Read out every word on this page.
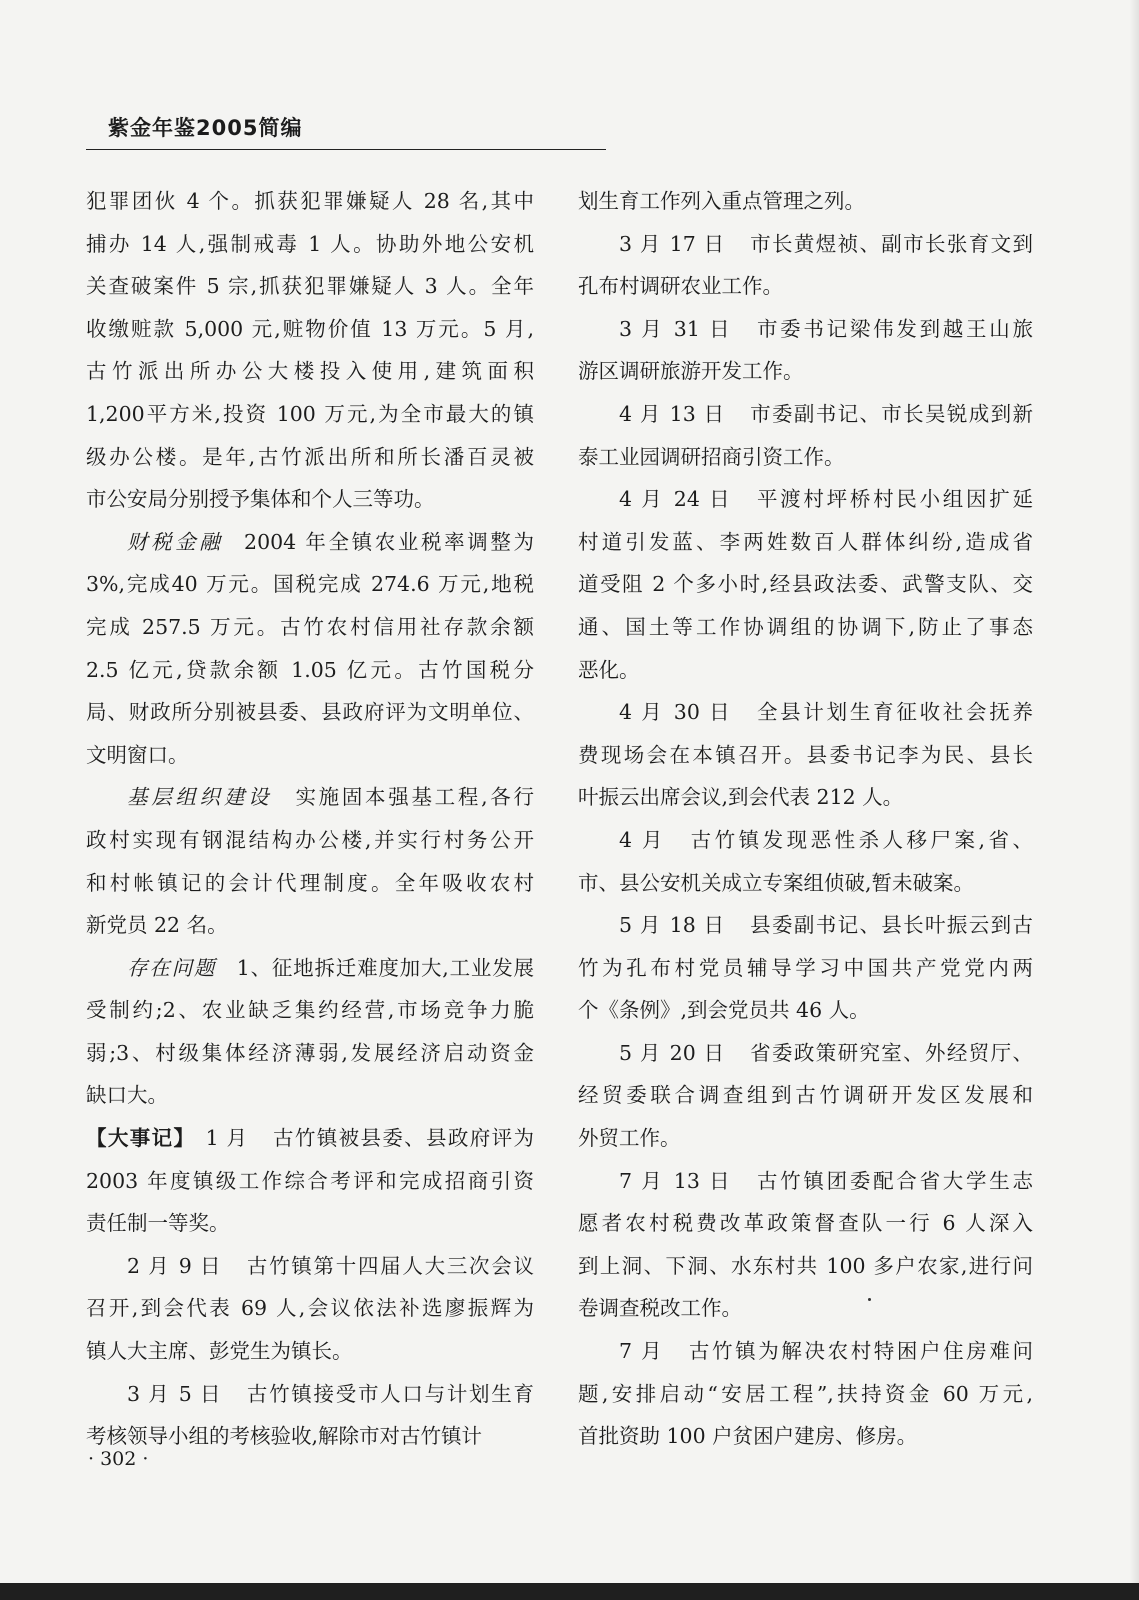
紫金年鉴2005简编
犯罪团伙 4 个。抓获犯罪嫌疑人 28 名,其中
捕办 14 人,强制戒毒 1 人。协助外地公安机
关查破案件 5 宗,抓获犯罪嫌疑人 3 人。全年
收缴赃款 5,000 元,赃物价值 13 万元。5 月,
古竹派出所办公大楼投入使用,建筑面积
1,200平方米,投资 100 万元,为全市最大的镇
级办公楼。是年,古竹派出所和所长潘百灵被
市公安局分别授予集体和个人三等功。
财税金融  2004 年全镇农业税率调整为
3%,完成40 万元。国税完成 274.6 万元,地税
完成 257.5 万元。古竹农村信用社存款余额
2.5 亿元,贷款余额 1.05 亿元。古竹国税分
局、财政所分别被县委、县政府评为文明单位、
文明窗口。
基层组织建设  实施固本强基工程,各行
政村实现有钢混结构办公楼,并实行村务公开
和村帐镇记的会计代理制度。全年吸收农村
新党员 22 名。
存在问题  1、征地拆迁难度加大,工业发展
受制约;2、农业缺乏集约经营,市场竞争力脆
弱;3、村级集体经济薄弱,发展经济启动资金
缺口大。
【大事记】  1 月 古竹镇被县委、县政府评为
2003 年度镇级工作综合考评和完成招商引资
责任制一等奖。
2 月 9 日 古竹镇第十四届人大三次会议
召开,到会代表 69 人,会议依法补选廖振辉为
镇人大主席、彭党生为镇长。
3 月 5 日 古竹镇接受市人口与计划生育
考核领导小组的考核验收,解除市对古竹镇计
划生育工作列入重点管理之列。
3 月 17 日 市长黄煜祯、副市长张育文到
孔布村调研农业工作。
3 月 31 日 市委书记梁伟发到越王山旅
游区调研旅游开发工作。
4 月 13 日 市委副书记、市长吴锐成到新
泰工业园调研招商引资工作。
4 月 24 日 平渡村坪桥村民小组因扩延
村道引发蓝、李两姓数百人群体纠纷,造成省
道受阻 2 个多小时,经县政法委、武警支队、交
通、国土等工作协调组的协调下,防止了事态
恶化。
4 月 30 日 全县计划生育征收社会抚养
费现场会在本镇召开。县委书记李为民、县长
叶振云出席会议,到会代表 212 人。
4 月 古竹镇发现恶性杀人移尸案,省、
市、县公安机关成立专案组侦破,暂未破案。
5 月 18 日 县委副书记、县长叶振云到古
竹为孔布村党员辅导学习中国共产党党内两
个《条例》,到会党员共 46 人。
5 月 20 日 省委政策研究室、外经贸厅、
经贸委联合调查组到古竹调研开发区发展和
外贸工作。
7 月 13 日 古竹镇团委配合省大学生志
愿者农村税费改革政策督查队一行 6 人深入
到上洞、下洞、水东村共 100 多户农家,进行问
卷调查税改工作。
7 月 古竹镇为解决农村特困户住房难问
题,安排启动“安居工程”,扶持资金 60 万元,
首批资助 100 户贫困户建房、修房。
· 302 ·
